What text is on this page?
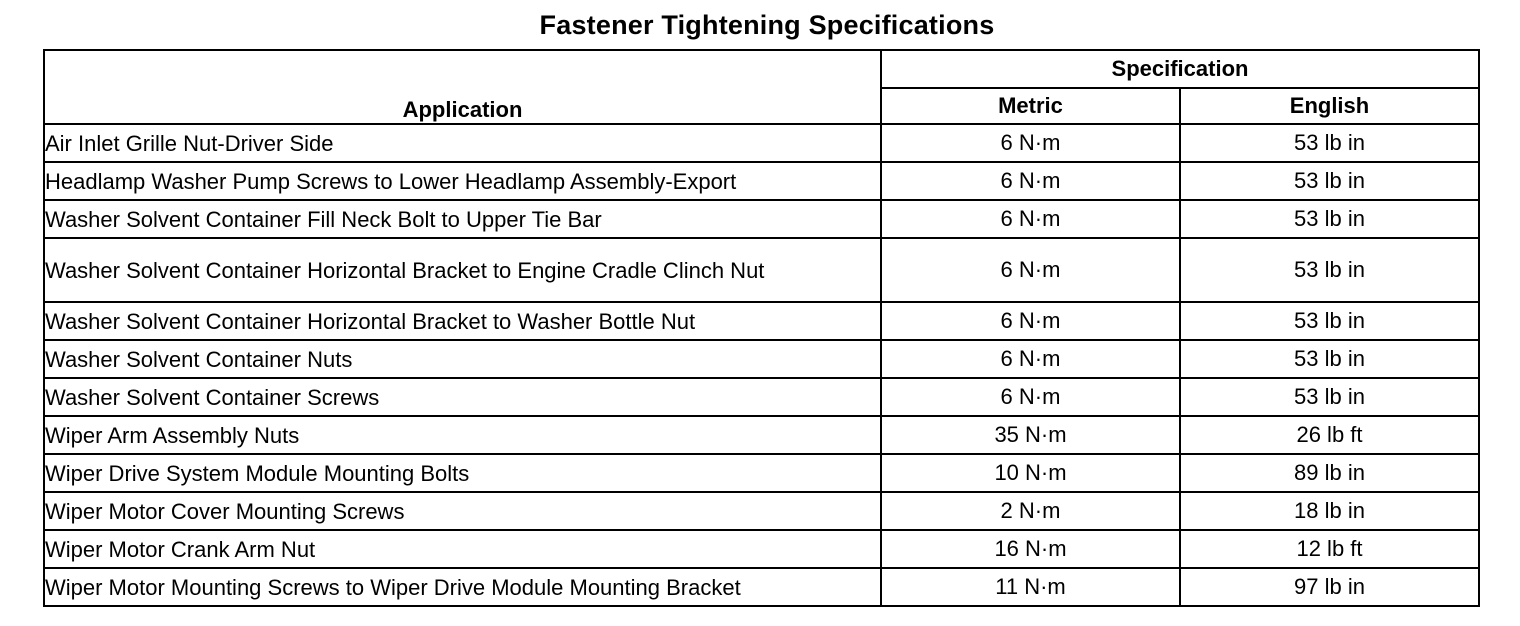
Fastener Tightening Specifications
Application	Specification	
	Metric	English
Air Inlet Grille Nut-Driver Side	6 N·m	53 lb in
Headlamp Washer Pump Screws to Lower Headlamp Assembly-Export	6 N·m	53 lb in
Washer Solvent Container Fill Neck Bolt to Upper Tie Bar	6 N·m	53 lb in
Washer Solvent Container Horizontal Bracket to Engine Cradle Clinch Nut	6 N·m	53 lb in
Washer Solvent Container Horizontal Bracket to Washer Bottle Nut	6 N·m	53 lb in
Washer Solvent Container Nuts	6 N·m	53 lb in
Washer Solvent Container Screws	6 N·m	53 lb in
Wiper Arm Assembly Nuts	35 N·m	26 lb ft
Wiper Drive System Module Mounting Bolts	10 N·m	89 lb in
Wiper Motor Cover Mounting Screws	2 N·m	18 lb in
Wiper Motor Crank Arm Nut	16 N·m	12 lb ft
Wiper Motor Mounting Screws to Wiper Drive Module Mounting Bracket	11 N·m	97 lb in
